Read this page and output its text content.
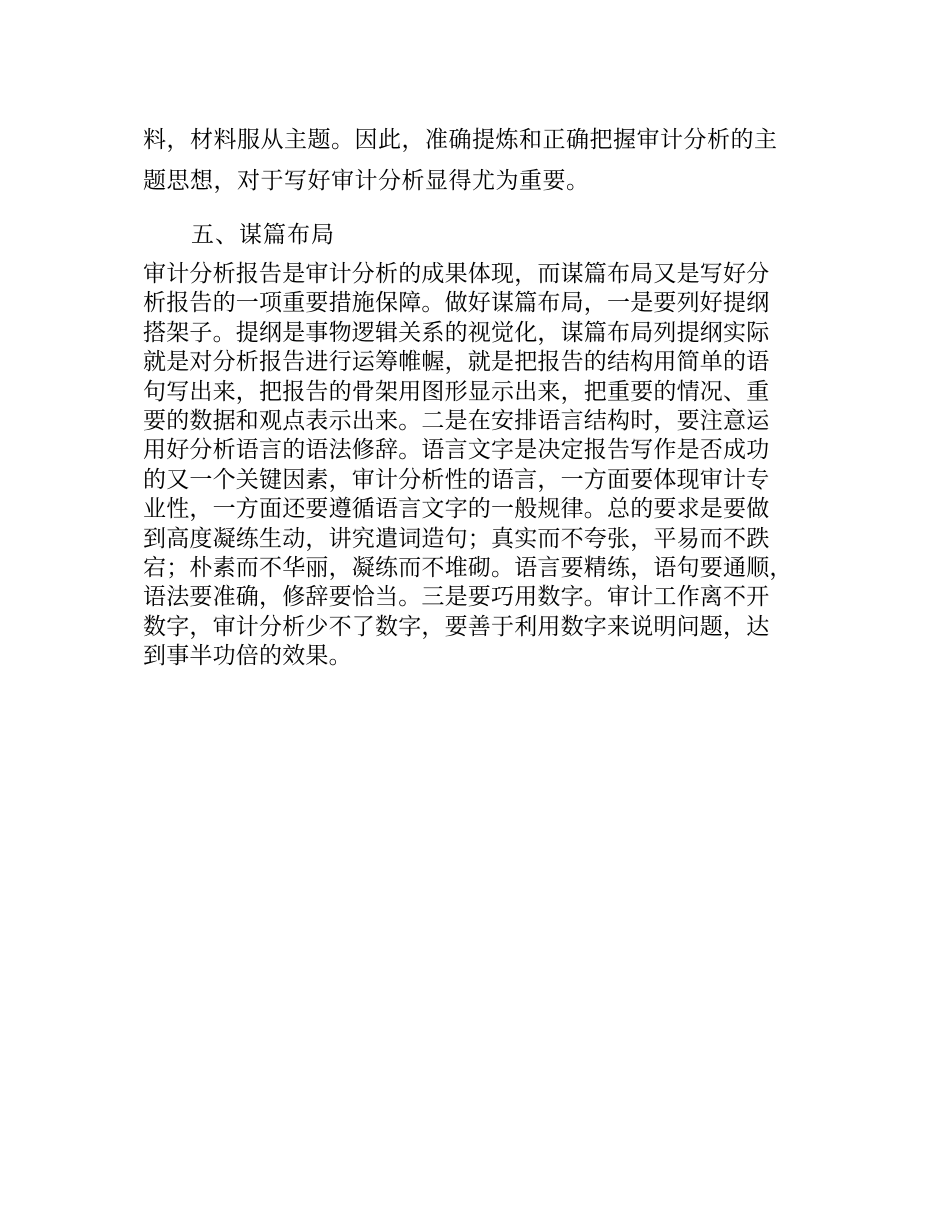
料，材料服从主题。因此，准确提炼和正确把握审计分析的主
题思想，对于写好审计分析显得尤为重要。
五、谋篇布局
审计分析报告是审计分析的成果体现，而谋篇布局又是写好分
析报告的一项重要措施保障。做好谋篇布局，一是要列好提纲
搭架子。提纲是事物逻辑关系的视觉化，谋篇布局列提纲实际
就是对分析报告进行运筹帷幄，就是把报告的结构用简单的语
句写出来，把报告的骨架用图形显示出来，把重要的情况、重
要的数据和观点表示出来。二是在安排语言结构时，要注意运
用好分析语言的语法修辞。语言文字是决定报告写作是否成功
的又一个关键因素，审计分析性的语言，一方面要体现审计专
业性，一方面还要遵循语言文字的一般规律。总的要求是要做
到高度凝练生动，讲究遣词造句；真实而不夸张，平易而不跌
宕；朴素而不华丽，凝练而不堆砌。语言要精练，语句要通顺，
语法要准确，修辞要恰当。三是要巧用数字。审计工作离不开
数字，审计分析少不了数字，要善于利用数字来说明问题，达
到事半功倍的效果。
